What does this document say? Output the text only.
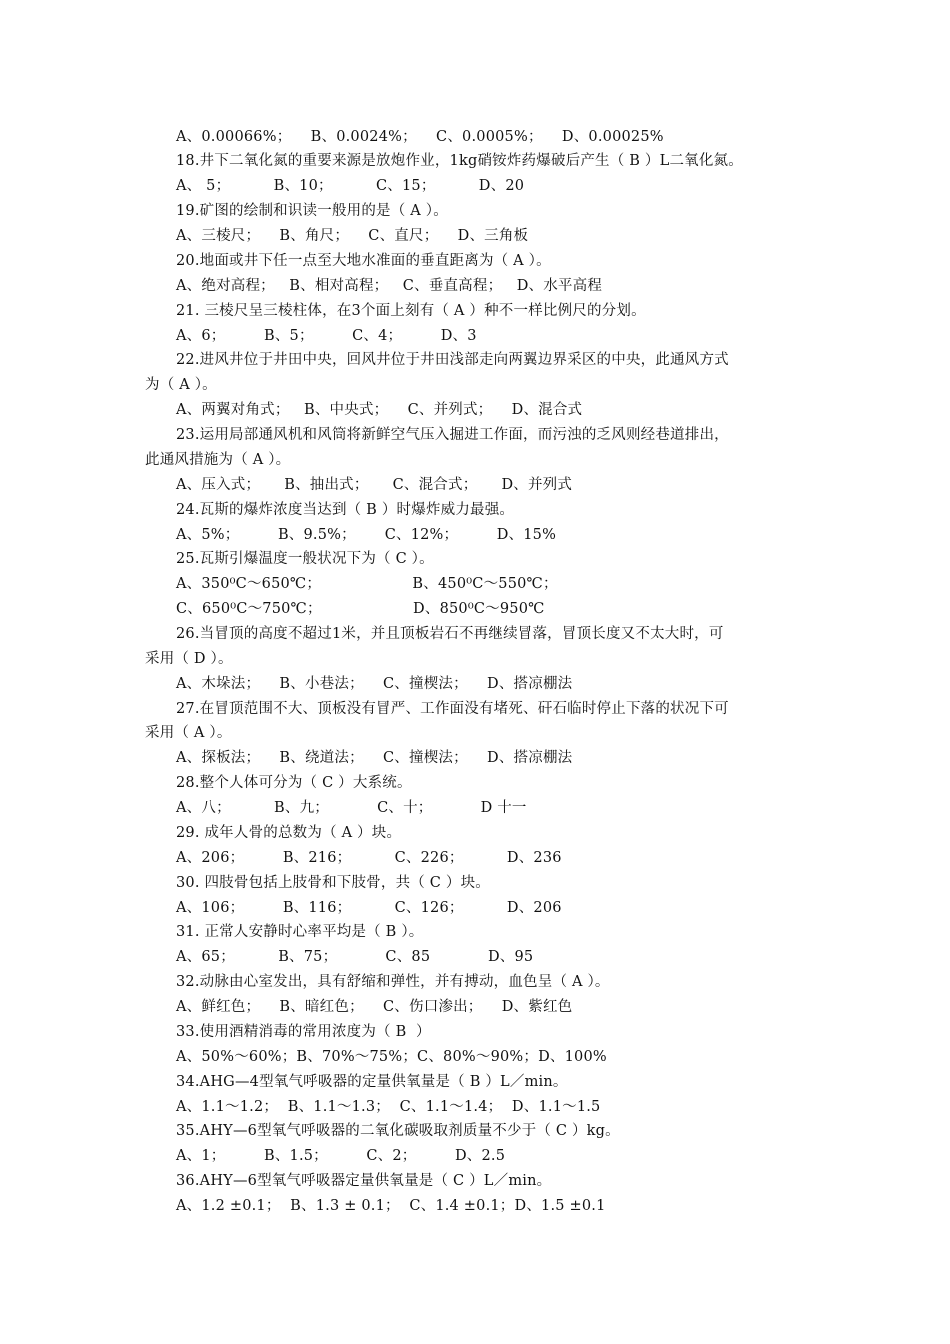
A、0.00066%；    B、0.0024%；    C、0.0005%；    D、0.00025%
18.井下二氧化氮的重要来源是放炮作业，1kg硝铵炸药爆破后产生（ B ）L二氧化氮。
A、 5；         B、10；         C、15；         D、20
19.矿图的绘制和识读一般用的是（ A ）。
A、三棱尺；    B、角尺；    C、直尺；    D、三角板
20.地面或井下任一点至大地水准面的垂直距离为（ A ）。
A、绝对高程；   B、相对高程；   C、垂直高程；   D、水平高程
21. 三棱尺呈三棱柱体，在3个面上刻有（ A ）种不一样比例尺的分划。
A、6；        B、5；        C、4；        D、3
22.进风井位于井田中央，回风井位于井田浅部走向两翼边界采区的中央，此通风方式
为（ A ）。
A、两翼对角式；   B、中央式；    C、并列式；    D、混合式
23.运用局部通风机和风筒将新鲜空气压入掘进工作面，而污浊的乏风则经巷道排出，
此通风措施为（ A ）。
A、压入式；     B、抽出式；     C、混合式；     D、并列式
24.瓦斯的爆炸浓度当达到（ B ）时爆炸威力最强。
A、5%；        B、9.5%；      C、12%；        D、15%
25.瓦斯引爆温度一般状况下为（ C ）。
A、350⁰C～650℃；                   B、450⁰C～550℃；
C、650⁰C～750℃；                   D、850⁰C～950℃
26.当冒顶的高度不超过1米，并且顶板岩石不再继续冒落，冒顶长度又不太大时，可
采用（ D ）。
A、木垛法；    B、小巷法；    C、撞楔法；    D、搭凉棚法
27.在冒顶范围不大、顶板没有冒严、工作面没有堵死、矸石临时停止下落的状况下可
采用（ A ）。
A、探板法；    B、绕道法；    C、撞楔法；    D、搭凉棚法
28.整个人体可分为（ C ）大系统。
A、八；         B、九；          C、十；          D 十一
29. 成年人骨的总数为（ A ）块。
A、206；        B、216；         C、226；         D、236
30. 四肢骨包括上肢骨和下肢骨，共（ C ）块。
A、106；        B、116；         C、126；         D、206
31. 正常人安静时心率平均是（ B ）。
A、65；         B、75；          C、85            D、95
32.动脉由心室发出，具有舒缩和弹性，并有搏动，血色呈（ A ）。
A、鲜红色；    B、暗红色；    C、伤口渗出；    D、紫红色
33.使用酒精消毒的常用浓度为（ B  ）
A、50%～60%；B、70%～75%；C、80%～90%；D、100%
34.AHG—4型氧气呼吸器的定量供氧量是（ B ）L／min。
A、1.1～1.2；  B、1.1～1.3；  C、1.1～1.4；  D、1.1～1.5
35.AHY—6型氧气呼吸器的二氧化碳吸取剂质量不少于（ C ）kg。
A、1；        B、1.5；        C、2；        D、2.5
36.AHY—6型氧气呼吸器定量供氧量是（ C ）L／min。
A、1.2 ±0.1；  B、1.3 ± 0.1；  C、1.4 ±0.1；D、1.5 ±0.1
